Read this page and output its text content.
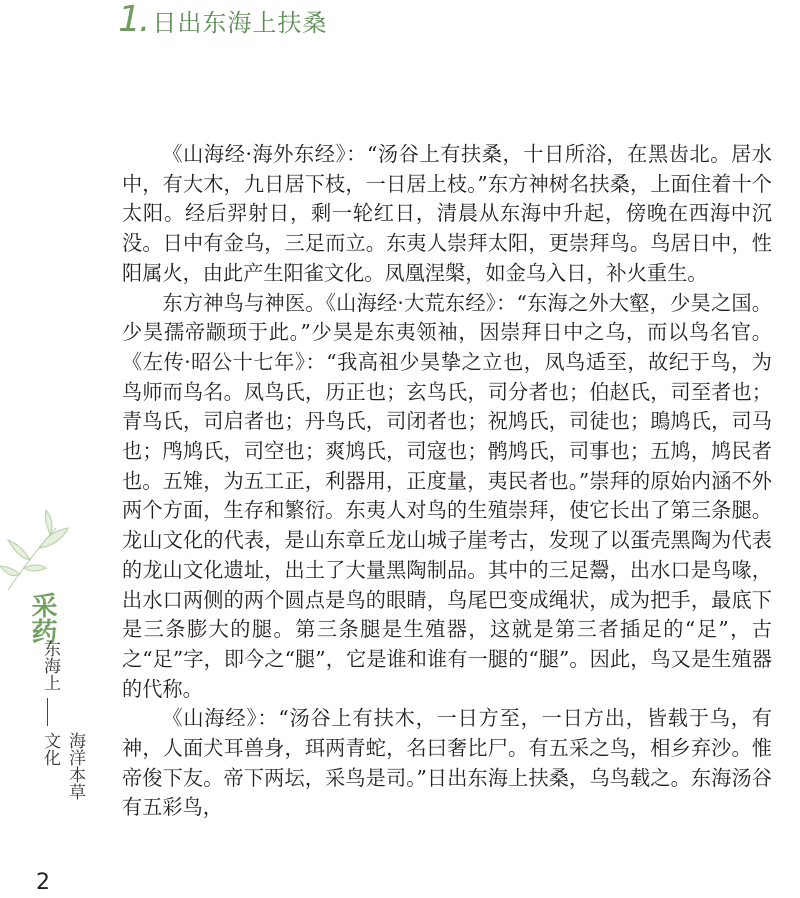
1. 日出东海上扶桑

《山海经·海外东经》：“汤谷上有扶桑，十日所浴，在黑齿北。居水中，有大木，九日居下枝，一日居上枝。”东方神树名扶桑，上面住着十个太阳。经后羿射日，剩一轮红日，清晨从东海中升起，傍晚在西海中沉没。日中有金乌，三足而立。东夷人崇拜太阳，更崇拜鸟。鸟居日中，性阳属火，由此产生阳雀文化。凤凰涅槃，如金乌入日，补火重生。

东方神鸟与神医。《山海经·大荒东经》：“东海之外大壑，少昊之国。少昊孺帝颛顼于此。”少昊是东夷领袖，因崇拜日中之乌，而以鸟名官。《左传·昭公十七年》：“我高祖少昊挚之立也，凤鸟适至，故纪于鸟，为鸟师而鸟名。凤鸟氏，历正也；玄鸟氏，司分者也；伯赵氏，司至者也；青鸟氏，司启者也；丹鸟氏，司闭者也；祝鸠氏，司徒也；鴡鸠氏，司马也；鸤鸠氏，司空也；爽鸠氏，司寇也；鹘鸠氏，司事也；五鸠，鸠民者也。五雉，为五工正，利器用，正度量，夷民者也。”崇拜的原始内涵不外两个方面，生存和繁衍。东夷人对鸟的生殖崇拜，使它长出了第三条腿。龙山文化的代表，是山东章丘龙山城子崖考古，发现了以蛋壳黑陶为代表的龙山文化遗址，出土了大量黑陶制品。其中的三足鬶，出水口是鸟喙，出水口两侧的两个圆点是鸟的眼睛，鸟尾巴变成绳状，成为把手，最底下是三条膨大的腿。第三条腿是生殖器，这就是第三者插足的“足”，古之“足”字，即今之“腿”，它是谁和谁有一腿的“腿”。因此，鸟又是生殖器的代称。

《山海经》：“汤谷上有扶木，一日方至，一日方出，皆载于乌，有神，人面犬耳兽身，珥两青蛇，名曰奢比尸。有五采之鸟，相乡弃沙。惟帝俊下友。帝下两坛，采鸟是司。”日出东海上扶桑，乌鸟载之。东海汤谷有五彩鸟，

采药
东海上
海洋本草文化
2
